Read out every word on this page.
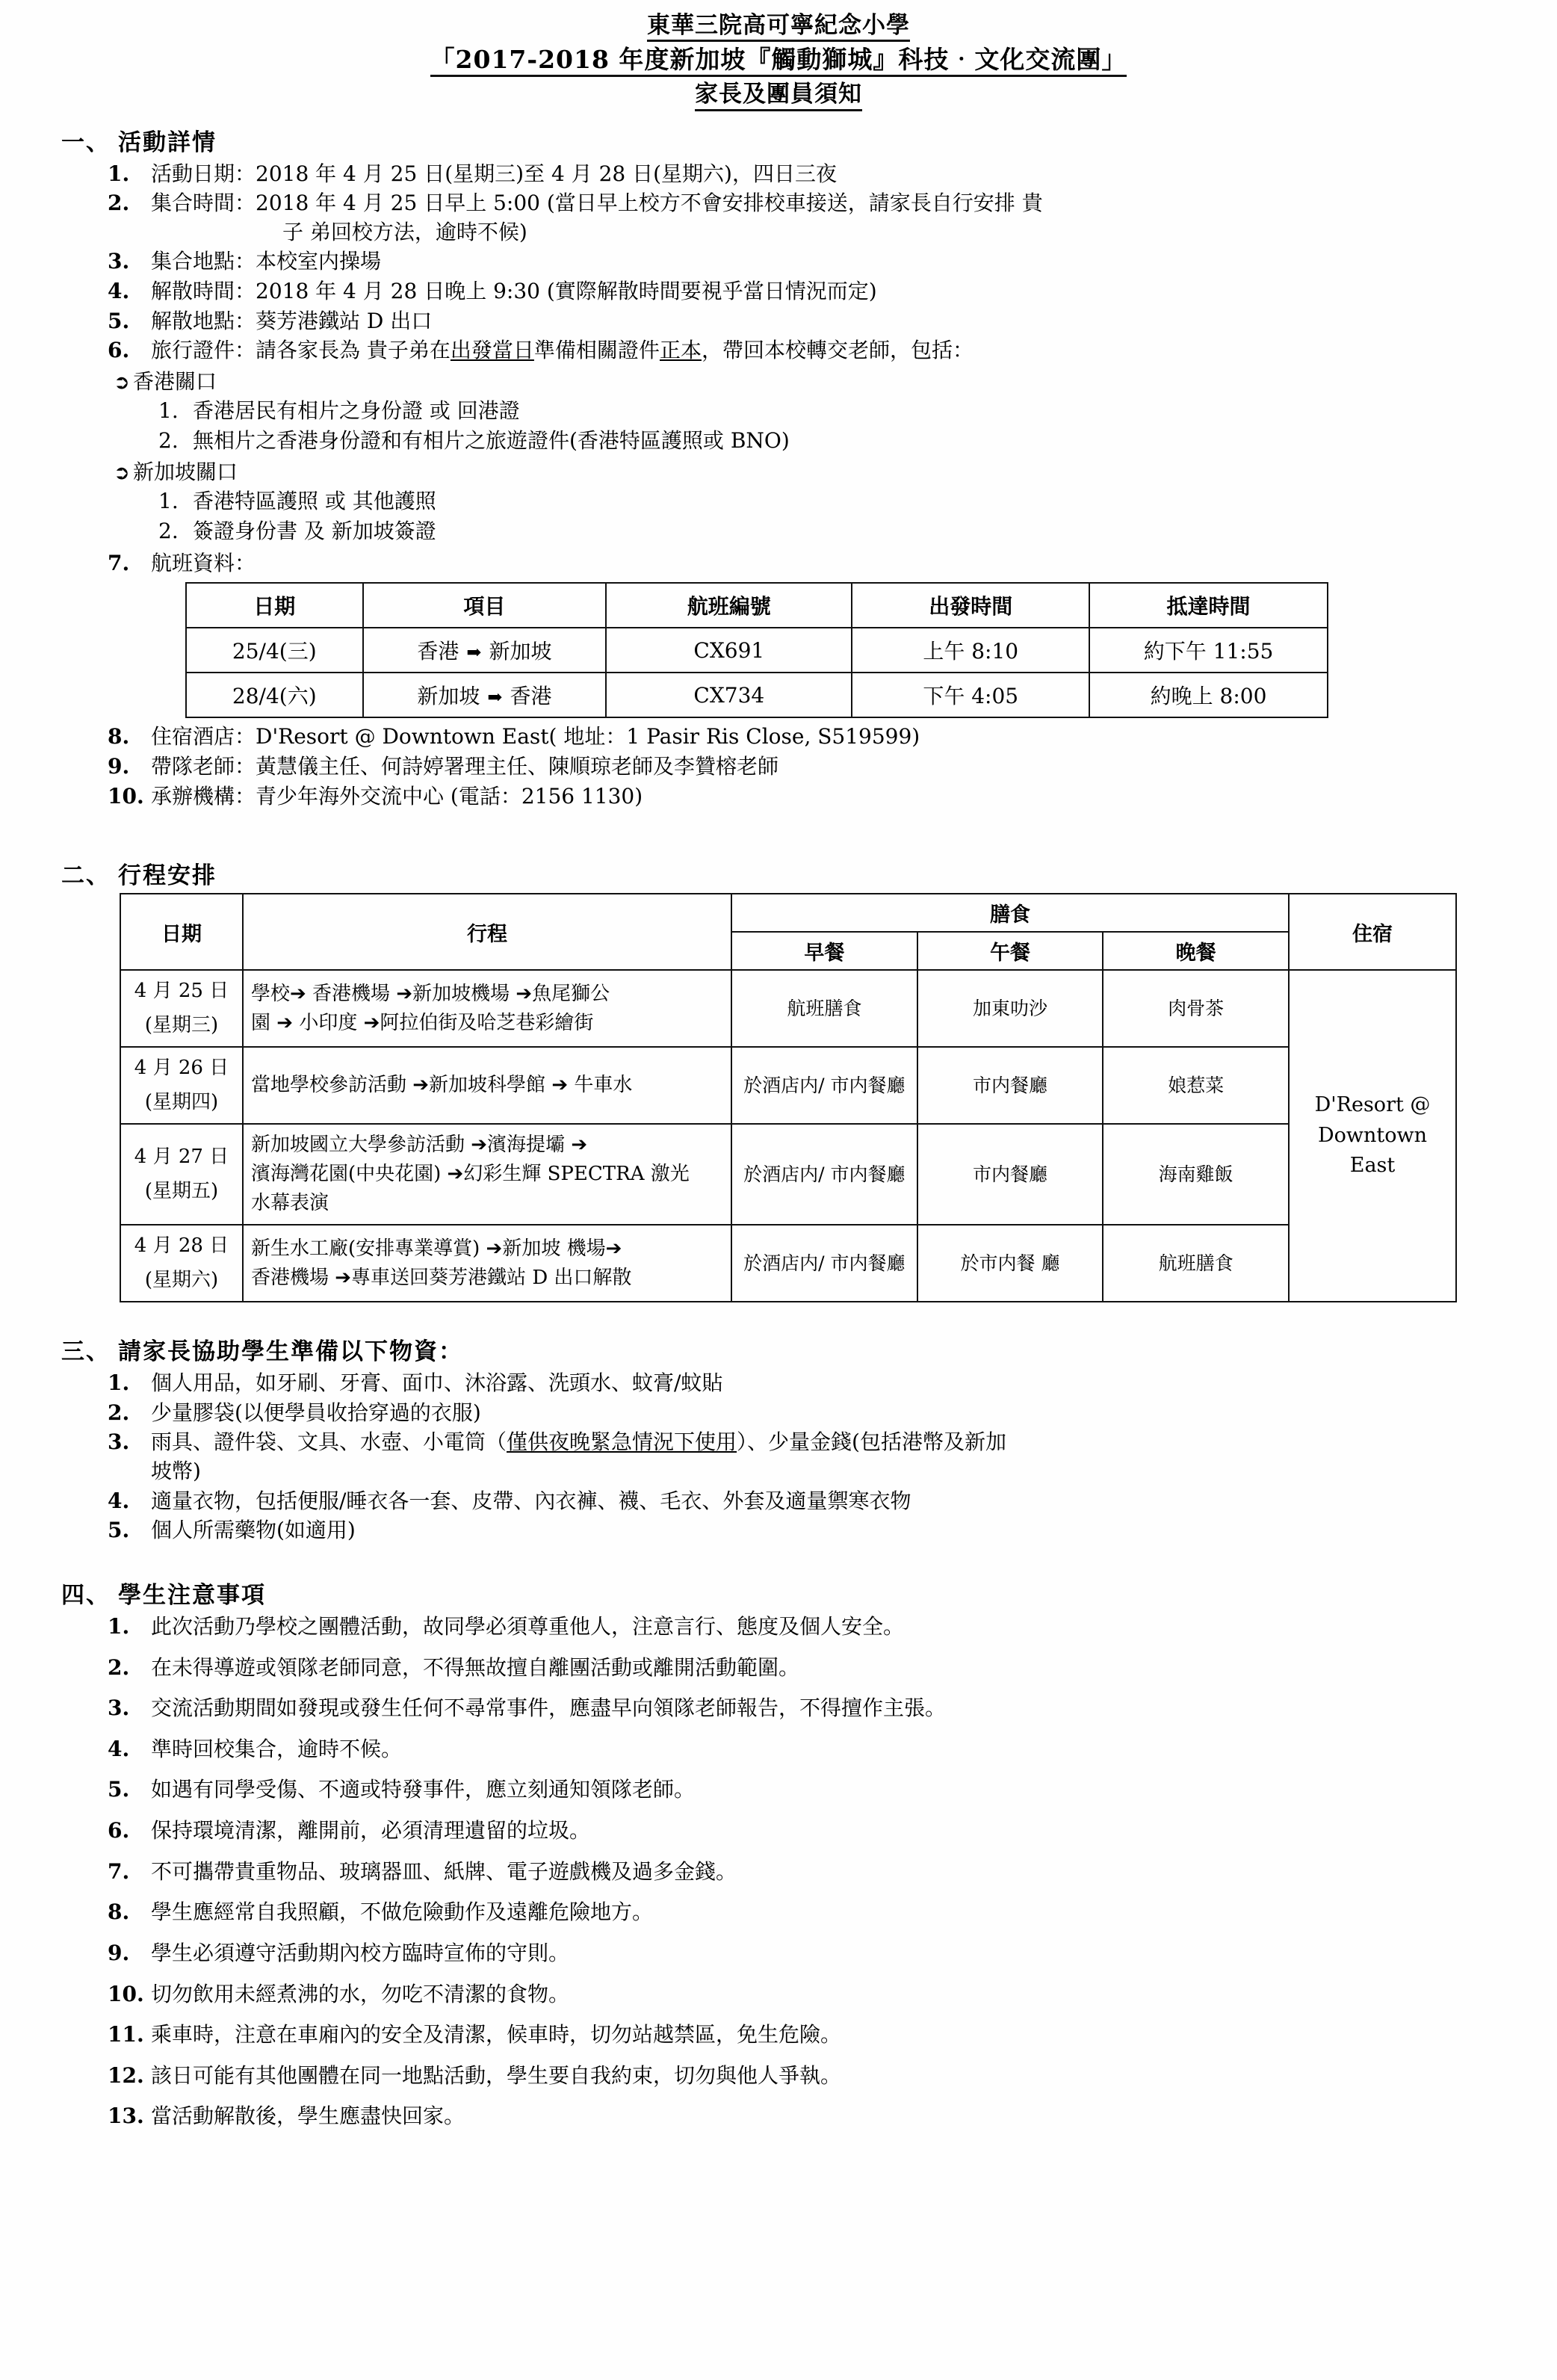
東華三院高可寧紀念小學
「2017-2018 年度新加坡『觸動獅城』科技‧文化交流團」
家長及團員須知
一、 活動詳情
1.	活動日期：2018 年 4 月 25 日(星期三)至 4 月 28 日(星期六)，四日三夜
2.	集合時間：2018 年 4 月 25 日早上 5:00 (當日早上校方不會安排校車接送，請家長自行安排 貴
子 弟回校方法，逾時不候)
3.	集合地點：本校室内操場
4.	解散時間：2018 年 4 月 28 日晚上 9:30 (實際解散時間要視乎當日情況而定)
5.	解散地點：葵芳港鐵站 D 出口
6.	旅行證件：請各家長為 貴子弟在出發當日準備相關證件正本，帶回本校轉交老師，包括：
➲ 香港關口
1. 香港居民有相片之身份證 或 回港證
2. 無相片之香港身份證和有相片之旅遊證件(香港特區護照或 BNO)
➲ 新加坡關口
1. 香港特區護照 或 其他護照
2. 簽證身份書 及 新加坡簽證
7.	航班資料：
日期	項目	航班編號	出發時間	抵達時間
25/4(三)	香港 ➡ 新加坡	CX691	上午 8:10	約下午 11:55
28/4(六)	新加坡 ➡ 香港	CX734	下午 4:05	約晚上 8:00
8.	住宿酒店：D'Resort @ Downtown East( 地址：1 Pasir Ris Close, S519599)
9.	帶隊老師：黃慧儀主任、何詩婷署理主任、陳順琼老師及李贊榕老師
10. 承辦機構：青少年海外交流中心 (電話：2156 1130)
二、 行程安排
日期	行程	膳食			住宿
		早餐	午餐	晚餐	
4 月 25 日
(星期三)	學校➔ 香港機場 ➔新加坡機場 ➔魚尾獅公
園 ➔ 小印度 ➔阿拉伯街及哈芝巷彩繪街	航班膳食	加東叻沙	肉骨茶	D'Resort @ Downtown East
4 月 26 日
(星期四)	當地學校參訪活動 ➔新加坡科學館 ➔ 牛車水	於酒店内/ 市内餐廳	市内餐廳	娘惹菜	
4 月 27 日
(星期五)	新加坡國立大學參訪活動 ➔濱海提壩 ➔
濱海灣花園(中央花園) ➔幻彩生輝 SPECTRA 激光
水幕表演	於酒店内/ 市内餐廳	市内餐廳	海南雞飯	
4 月 28 日
(星期六)	新生水工廠(安排專業導賞) ➔新加坡 機場➔
香港機場 ➔專車送回葵芳港鐵站 D 出口解散	於酒店内/ 市内餐廳	於市内餐 廳	航班膳食	
三、 請家長協助學生準備以下物資：
1.	個人用品，如牙刷、牙膏、面巾、沐浴露、洗頭水、蚊膏/蚊貼
2.	少量膠袋(以便學員收拾穿過的衣服)
3.	雨具、證件袋、文具、水壺、小電筒（僅供夜晚緊急情況下使用）、少量金錢(包括港幣及新加
坡幣)
4.	適量衣物，包括便服/睡衣各一套、皮帶、內衣褲、襪、毛衣、外套及適量禦寒衣物
5.	個人所需藥物(如適用)
四、 學生注意事項
1.	此次活動乃學校之團體活動，故同學必須尊重他人，注意言行、態度及個人安全。
2.	在未得導遊或領隊老師同意，不得無故擅自離團活動或離開活動範圍。
3.	交流活動期間如發現或發生任何不尋常事件，應盡早向領隊老師報告，不得擅作主張。
4.	準時回校集合，逾時不候。
5.	如遇有同學受傷、不適或特發事件，應立刻通知領隊老師。
6.	保持環境清潔，離開前，必須清理遺留的垃圾。
7.	不可攜帶貴重物品、玻璃器皿、紙牌、電子遊戲機及過多金錢。
8.	學生應經常自我照顧，不做危險動作及遠離危險地方。
9.	學生必須遵守活動期內校方臨時宣佈的守則。
10. 切勿飲用未經煮沸的水，勿吃不清潔的食物。
11. 乘車時，注意在車廂內的安全及清潔，候車時，切勿站越禁區，免生危險。
12. 該日可能有其他團體在同一地點活動，學生要自我約束，切勿與他人爭執。
13. 當活動解散後，學生應盡快回家。
